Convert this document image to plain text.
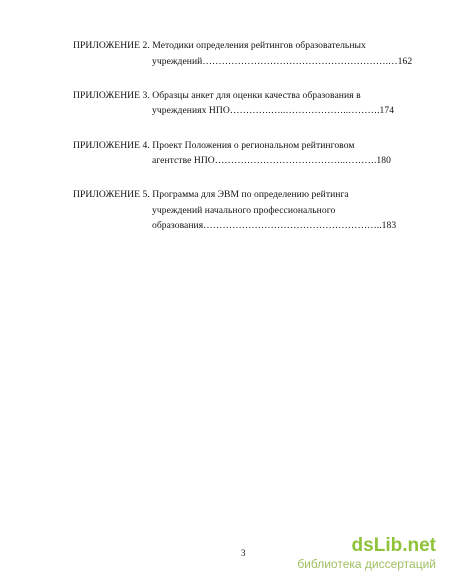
ПРИЛОЖЕНИЕ 2. Методики определения рейтингов образовательных
учреждений………………………………………………….…162
ПРИЛОЖЕНИЕ 3. Образцы анкет для оценки качества образования в
учреждениях НПО………….…..………………..……….174
ПРИЛОЖЕНИЕ 4. Проект Положения о региональном рейтинговом
агентстве НПО…………………………………..……….180
ПРИЛОЖЕНИЕ 5. Программа для ЭВМ по определению рейтинга
учреждений начального профессионального
образования………………………………………………..183
3	dsLib.net
библиотека диссертаций
